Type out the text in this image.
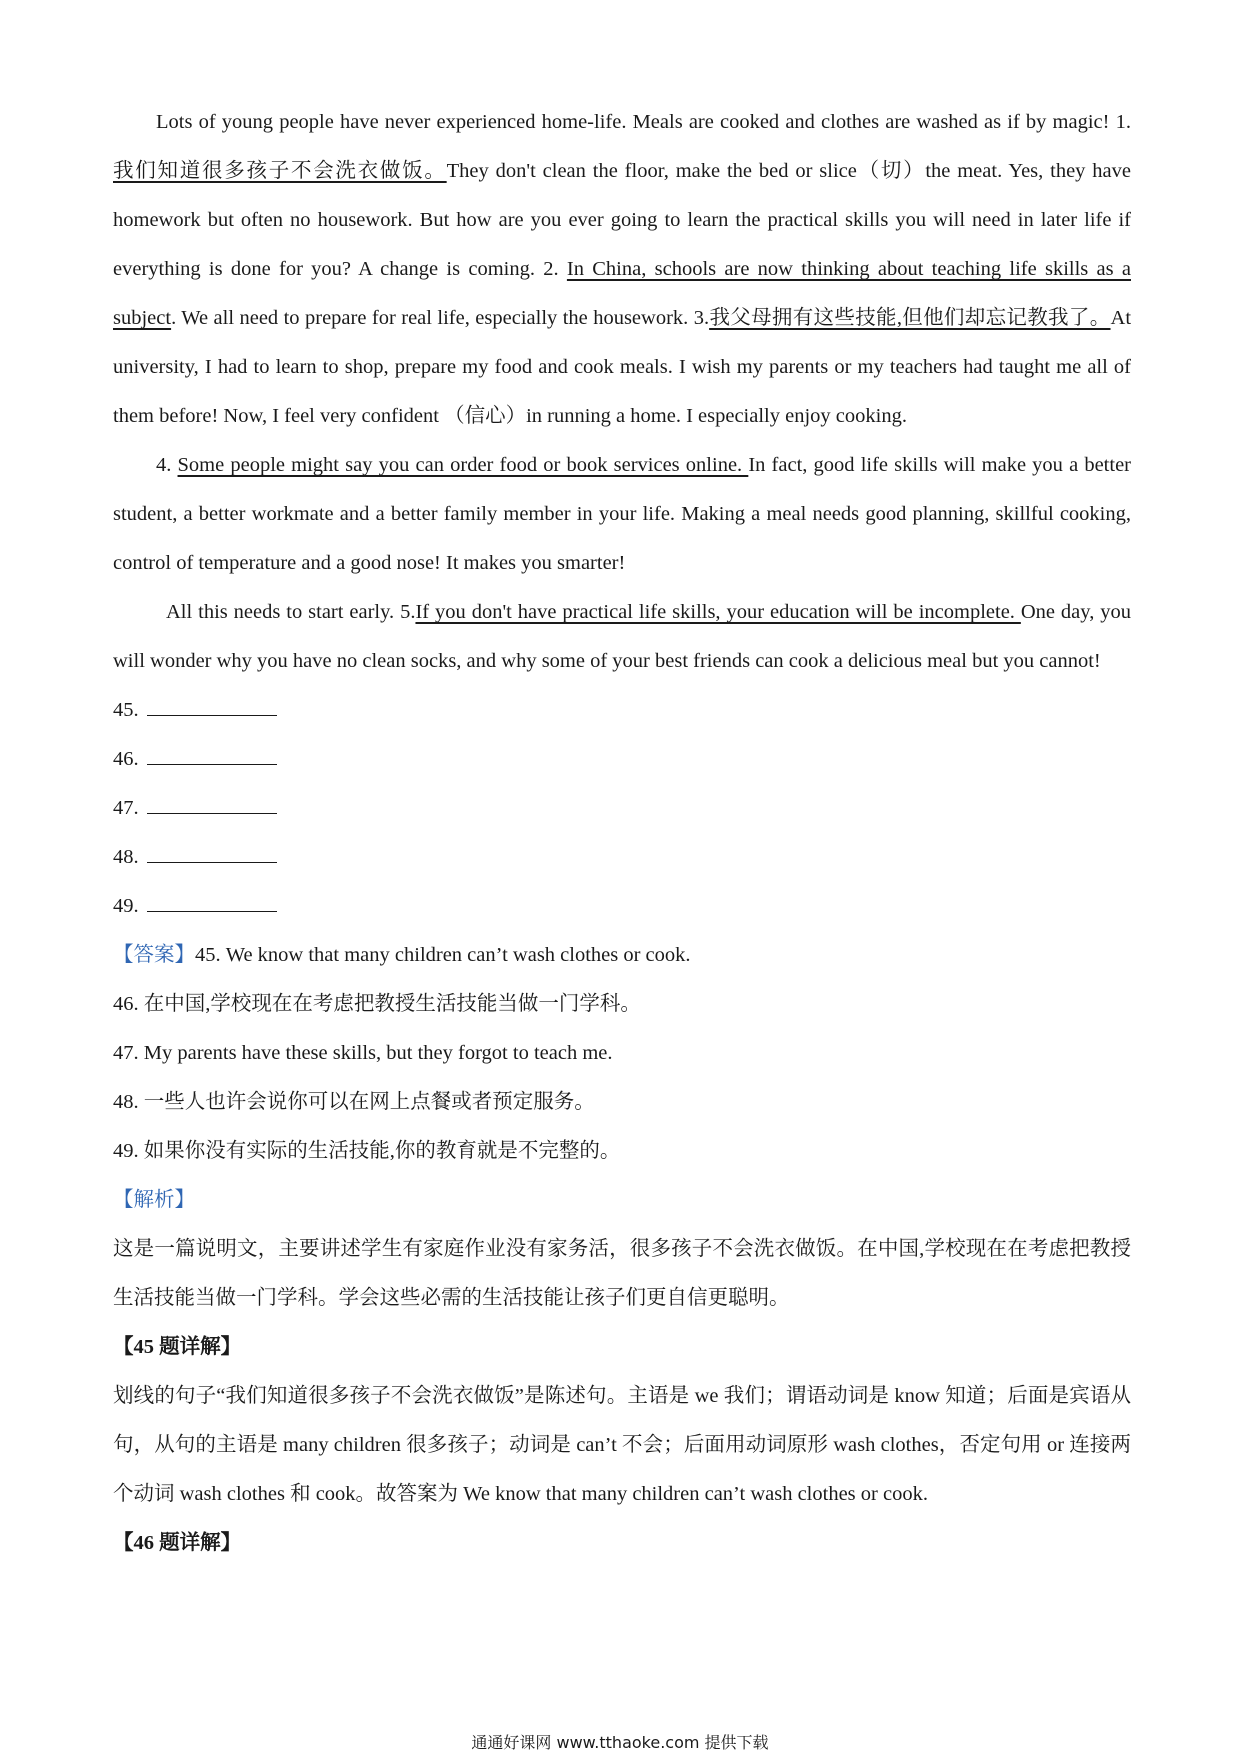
Lots of young people have never experienced home-life. Meals are cooked and clothes are washed as if by magic! 1.我们知道很多孩子不会洗衣做饭。They don't clean the floor, make the bed or slice（切）the meat. Yes, they have homework but often no housework. But how are you ever going to learn the practical skills you will need in later life if everything is done for you? A change is coming. 2. In China, schools are now thinking about teaching life skills as a subject. We all need to prepare for real life, especially the housework. 3.我父母拥有这些技能,但他们却忘记教我了。At university, I had to learn to shop, prepare my food and cook meals. I wish my parents or my teachers had taught me all of them before! Now, I feel very confident （信心）in running a home. I especially enjoy cooking.

4. Some people might say you can order food or book services online. In fact, good life skills will make you a better student, a better workmate and a better family member in your life. Making a meal needs good planning, skillful cooking, control of temperature and a good nose! It makes you smarter!

All this needs to start early. 5.If you don't have practical life skills, your education will be incomplete. One day, you will wonder why you have no clean socks, and why some of your best friends can cook a delicious meal but you cannot!

45.
46.
47.
48.
49.
【答案】45. We know that many children can’t wash clothes or cook.
46. 在中国,学校现在在考虑把教授生活技能当做一门学科。
47. My parents have these skills, but they forgot to teach me.
48. 一些人也许会说你可以在网上点餐或者预定服务。
49. 如果你没有实际的生活技能,你的教育就是不完整的。
【解析】

这是一篇说明文，主要讲述学生有家庭作业没有家务活，很多孩子不会洗衣做饭。在中国,学校现在在考虑把教授生活技能当做一门学科。学会这些必需的生活技能让孩子们更自信更聪明。

【45 题详解】

划线的句子“我们知道很多孩子不会洗衣做饭”是陈述句。主语是 we 我们；谓语动词是 know 知道；后面是宾语从句，从句的主语是 many children 很多孩子；动词是 can’t 不会；后面用动词原形 wash clothes，否定句用 or 连接两个动词 wash clothes 和 cook。故答案为 We know that many children can’t wash clothes or cook.

【46 题详解】
通通好课网 www.tthaoke.com 提供下载
